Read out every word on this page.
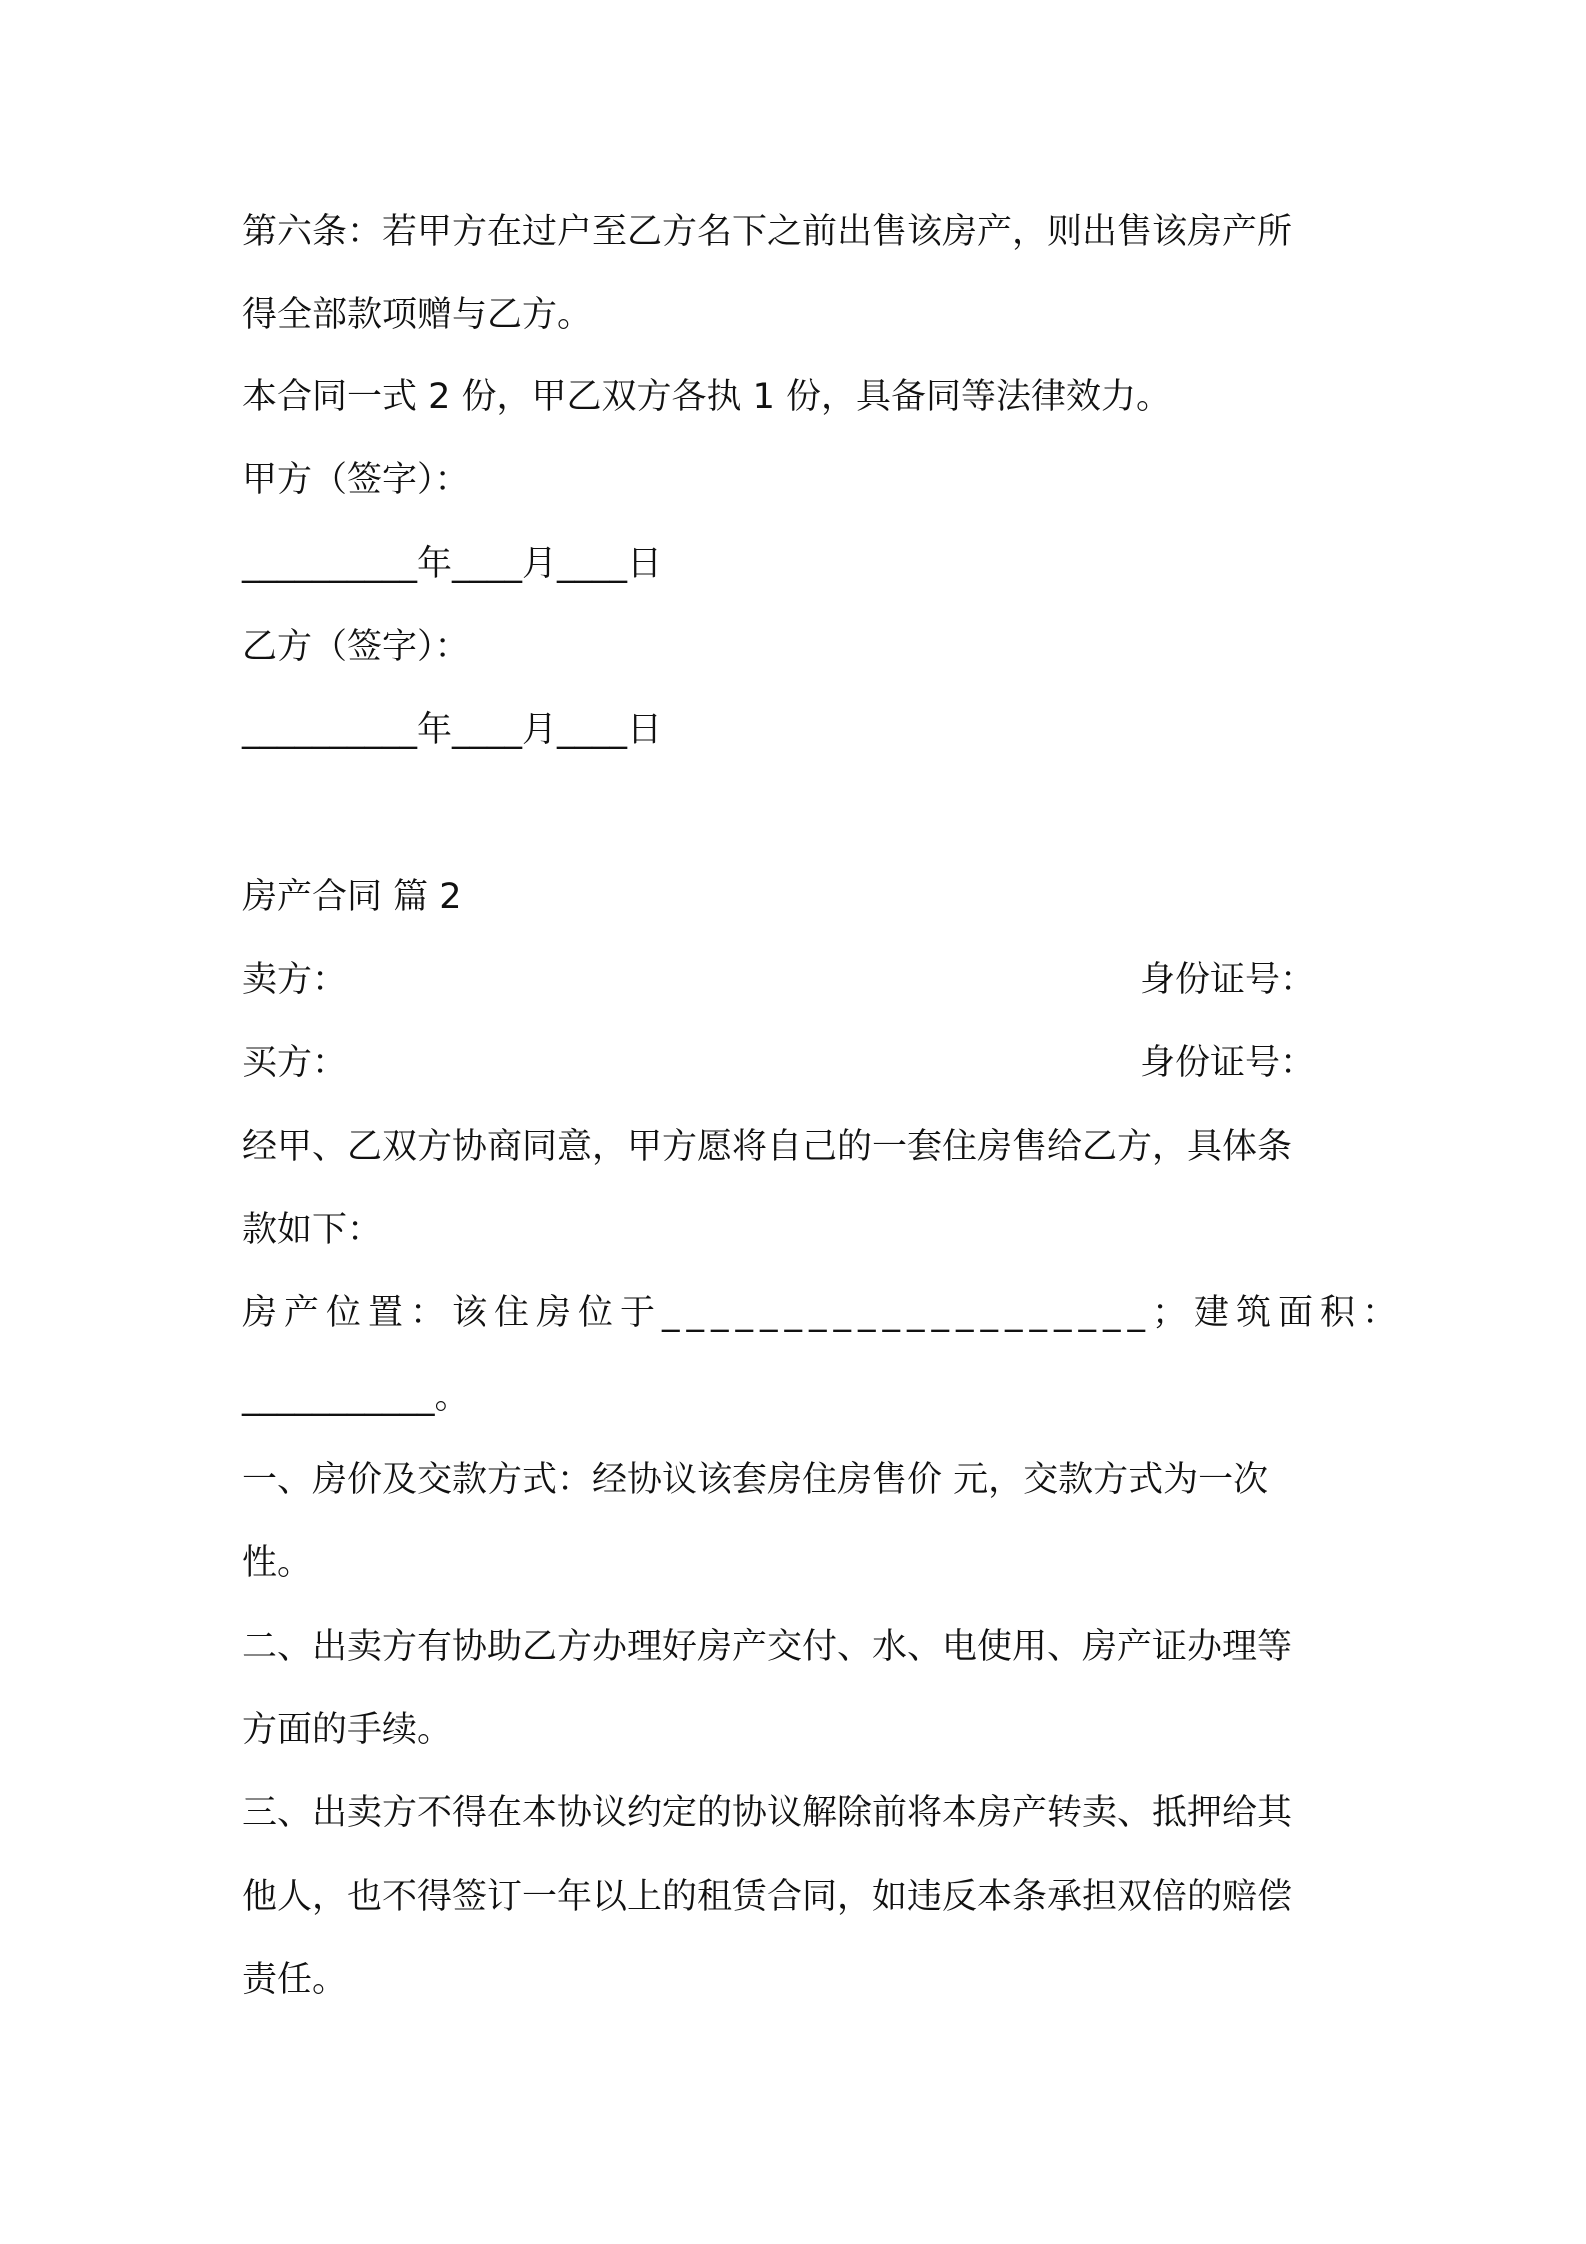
第六条：若甲方在过户至乙方名下之前出售该房产，则出售该房产所
得全部款项赠与乙方。
本合同一式 2 份，甲乙双方各执 1 份，具备同等法律效力。
甲方（签字）：
__________年____月____日
乙方（签字）：
__________年____月____日
房产合同 篇 2
卖方：	身份证号：
买方：	身份证号：
经甲、乙双方协商同意，甲方愿将自己的一套住房售给乙方，具体条
款如下：
房产位置：该住房位于____________________；建筑面积：
___________。
一、房价及交款方式：经协议该套房住房售价 元，交款方式为一次
性。
二、出卖方有协助乙方办理好房产交付、水、电使用、房产证办理等
方面的手续。
三、出卖方不得在本协议约定的协议解除前将本房产转卖、抵押给其
他人，也不得签订一年以上的租赁合同，如违反本条承担双倍的赔偿
责任。
